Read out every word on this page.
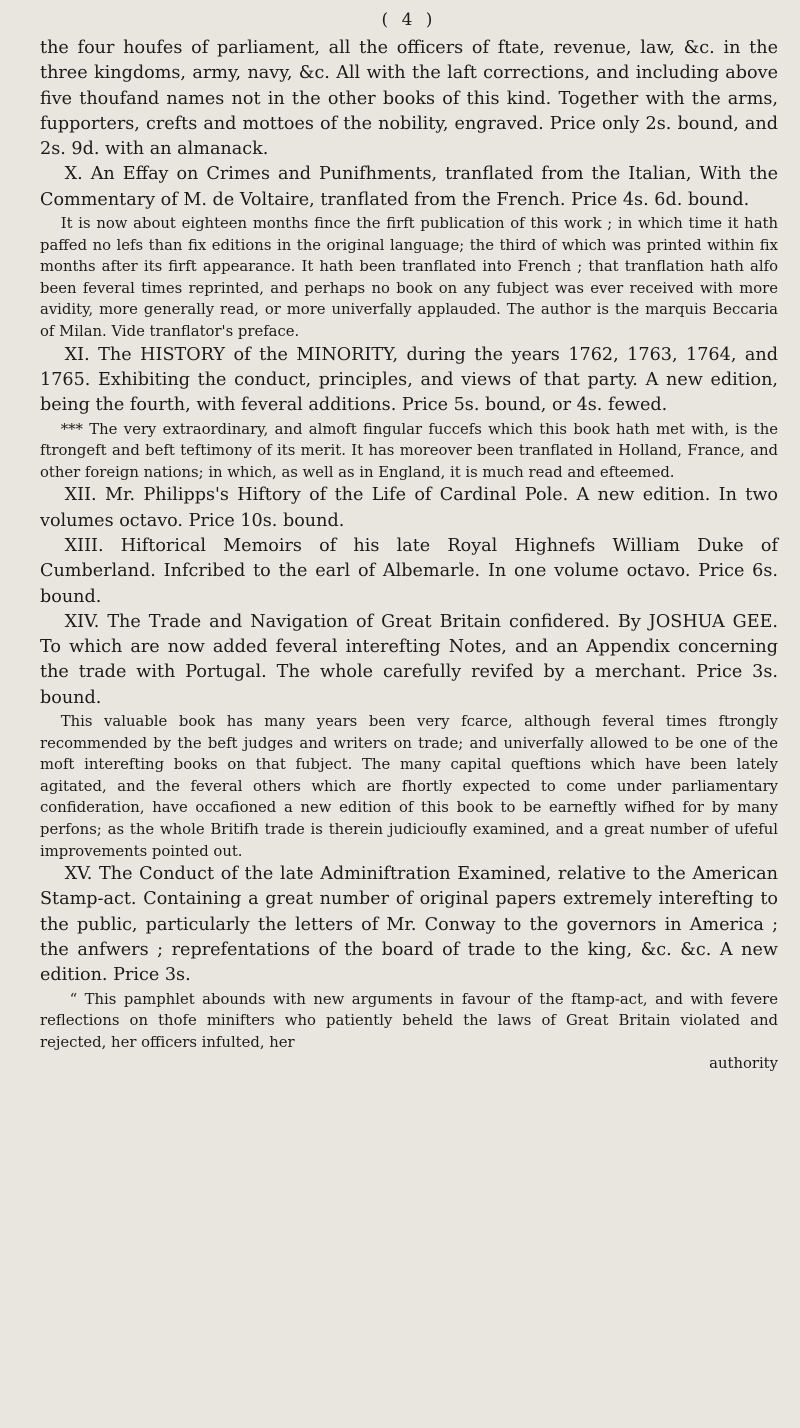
( 4 )

the four houfes of parliament, all the officers of ftate, revenue, law, &c. in the three kingdoms, army, navy, &c. All with the laft corrections, and including above five thoufand names not in the other books of this kind. Together with the arms, fupporters, crefts and mottoes of the nobility, engraved. Price only 2s. bound, and 2s. 9d. with an almanack.

X. An Effay on Crimes and Punifhments, tranflated from the Italian, With the Commentary of M. de Voltaire, tranflated from the French. Price 4s. 6d. bound.

It is now about eighteen months fince the firft publication of this work ; in which time it hath paffed no lefs than fix editions in the original language; the third of which was printed within fix months after its firft appearance. It hath been tranflated into French ; that tranflation hath alfo been feveral times reprinted, and perhaps no book on any fubject was ever received with more avidity, more generally read, or more univerfally applauded. The author is the marquis Beccaria of Milan. Vide tranflator's preface.

XI. The HISTORY of the MINORITY, during the years 1762, 1763, 1764, and 1765. Exhibiting the conduct, principles, and views of that party. A new edition, being the fourth, with feveral additions. Price 5s. bound, or 4s. fewed.

*** The very extraordinary, and almoft fingular fuccefs which this book hath met with, is the ftrongeft and beft teftimony of its merit. It has moreover been tranflated in Holland, France, and other foreign nations; in which, as well as in England, it is much read and efteemed.

XII. Mr. Philipps's Hiftory of the Life of Cardinal Pole. A new edition. In two volumes octavo. Price 10s. bound.

XIII. Hiftorical Memoirs of his late Royal Highnefs William Duke of Cumberland. Infcribed to the earl of Albemarle. In one volume octavo. Price 6s. bound.

XIV. The Trade and Navigation of Great Britain confidered. By JOSHUA GEE. To which are now added feveral interefting Notes, and an Appendix concerning the trade with Portugal. The whole carefully revifed by a merchant. Price 3s. bound.

This valuable book has many years been very fcarce, although feveral times ftrongly recommended by the beft judges and writers on trade; and univerfally allowed to be one of the moft interefting books on that fubject. The many capital queftions which have been lately agitated, and the feveral others which are fhortly expected to come under parliamentary confideration, have occafioned a new edition of this book to be earneftly wifhed for by many perfons; as the whole Britifh trade is therein judicioufly examined, and a great number of ufeful improvements pointed out.

XV. The Conduct of the late Adminiftration Examined, relative to the American Stamp-act. Containing a great number of original papers extremely interefting to the public, particularly the letters of Mr. Conway to the governors in America ; the anfwers ; reprefentations of the board of trade to the king, &c. &c. A new edition. Price 3s.

“ This pamphlet abounds with new arguments in favour of the ftamp-act, and with fevere reflections on thofe minifters who patiently beheld the laws of Great Britain violated and rejected, her officers infulted, her

authority
